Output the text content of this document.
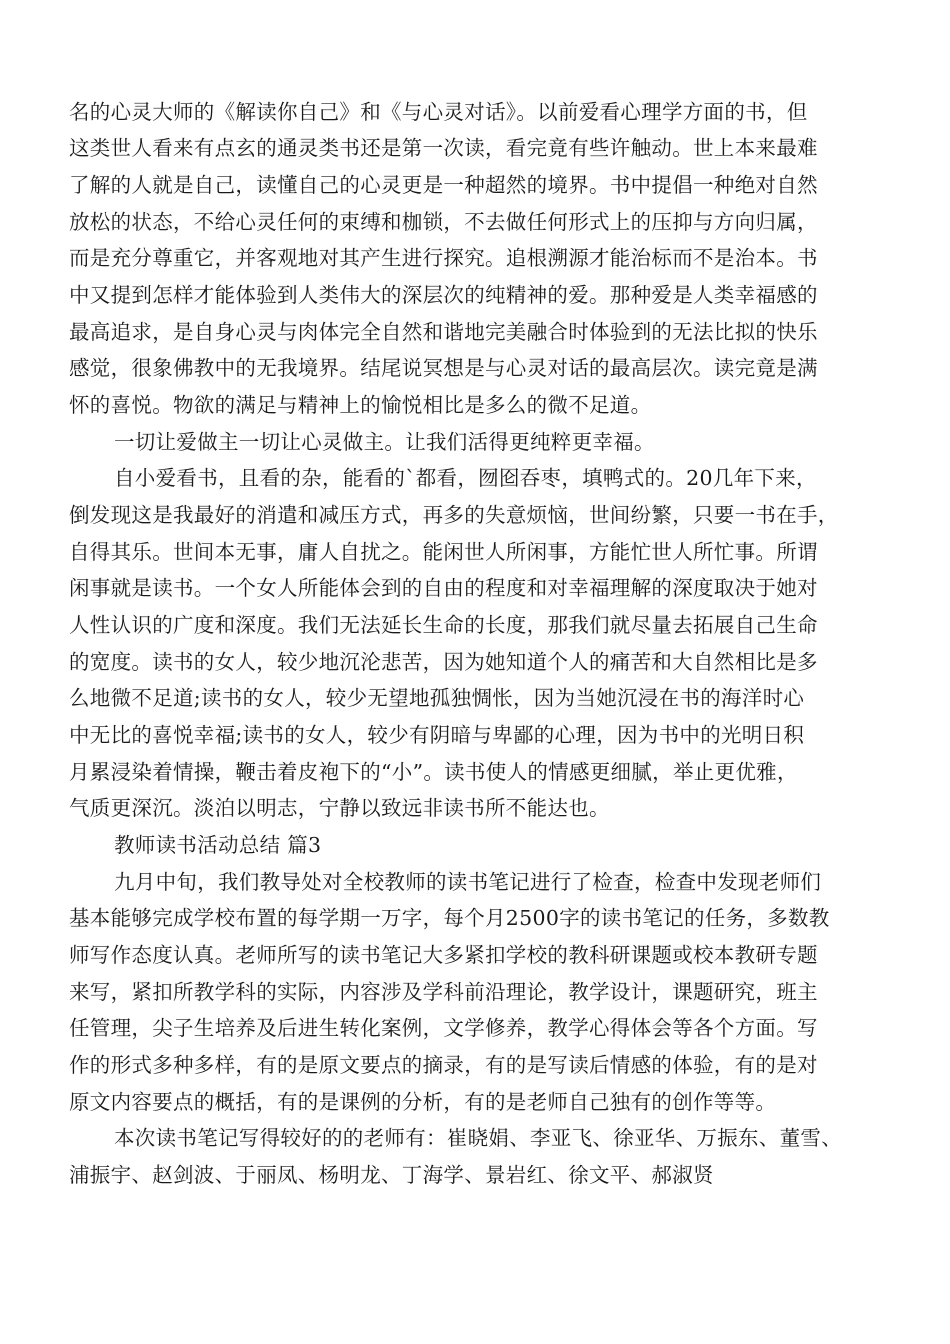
名的心灵大师的《解读你自己》和《与心灵对话》。以前爱看心理学方面的书，但
这类世人看来有点玄的通灵类书还是第一次读，看完竟有些许触动。世上本来最难
了解的人就是自己，读懂自己的心灵更是一种超然的境界。书中提倡一种绝对自然
放松的状态，不给心灵任何的束缚和枷锁，不去做任何形式上的压抑与方向归属，
而是充分尊重它，并客观地对其产生进行探究。追根溯源才能治标而不是治本。书
中又提到怎样才能体验到人类伟大的深层次的纯精神的爱。那种爱是人类幸福感的
最高追求，是自身心灵与肉体完全自然和谐地完美融合时体验到的无法比拟的快乐
感觉，很象佛教中的无我境界。结尾说冥想是与心灵对话的最高层次。读完竟是满
怀的喜悦。物欲的满足与精神上的愉悦相比是多么的微不足道。
一切让爱做主一切让心灵做主。让我们活得更纯粹更幸福。
自小爱看书，且看的杂，能看的`都看，囫囵吞枣，填鸭式的。20几年下来，
倒发现这是我最好的消遣和减压方式，再多的失意烦恼，世间纷繁，只要一书在手，
自得其乐。世间本无事，庸人自扰之。能闲世人所闲事，方能忙世人所忙事。所谓
闲事就是读书。一个女人所能体会到的自由的程度和对幸福理解的深度取决于她对
人性认识的广度和深度。我们无法延长生命的长度，那我们就尽量去拓展自己生命
的宽度。读书的女人，较少地沉沦悲苦，因为她知道个人的痛苦和大自然相比是多
么地微不足道;读书的女人，较少无望地孤独惆怅，因为当她沉浸在书的海洋时心
中无比的喜悦幸福;读书的女人，较少有阴暗与卑鄙的心理，因为书中的光明日积
月累浸染着情操，鞭击着皮袍下的“小”。读书使人的情感更细腻，举止更优雅，
气质更深沉。淡泊以明志，宁静以致远非读书所不能达也。
教师读书活动总结 篇3
九月中旬，我们教导处对全校教师的读书笔记进行了检查，检查中发现老师们
基本能够完成学校布置的每学期一万字，每个月2500字的读书笔记的任务，多数教
师写作态度认真。老师所写的读书笔记大多紧扣学校的教科研课题或校本教研专题
来写，紧扣所教学科的实际，内容涉及学科前沿理论，教学设计，课题研究，班主
任管理，尖子生培养及后进生转化案例，文学修养，教学心得体会等各个方面。写
作的形式多种多样，有的是原文要点的摘录，有的是写读后情感的体验，有的是对
原文内容要点的概括，有的是课例的分析，有的是老师自己独有的创作等等。
本次读书笔记写得较好的的老师有：崔晓娟、李亚飞、徐亚华、万振东、董雪、
浦振宇、赵剑波、于丽凤、杨明龙、丁海学、景岩红、徐文平、郝淑贤
